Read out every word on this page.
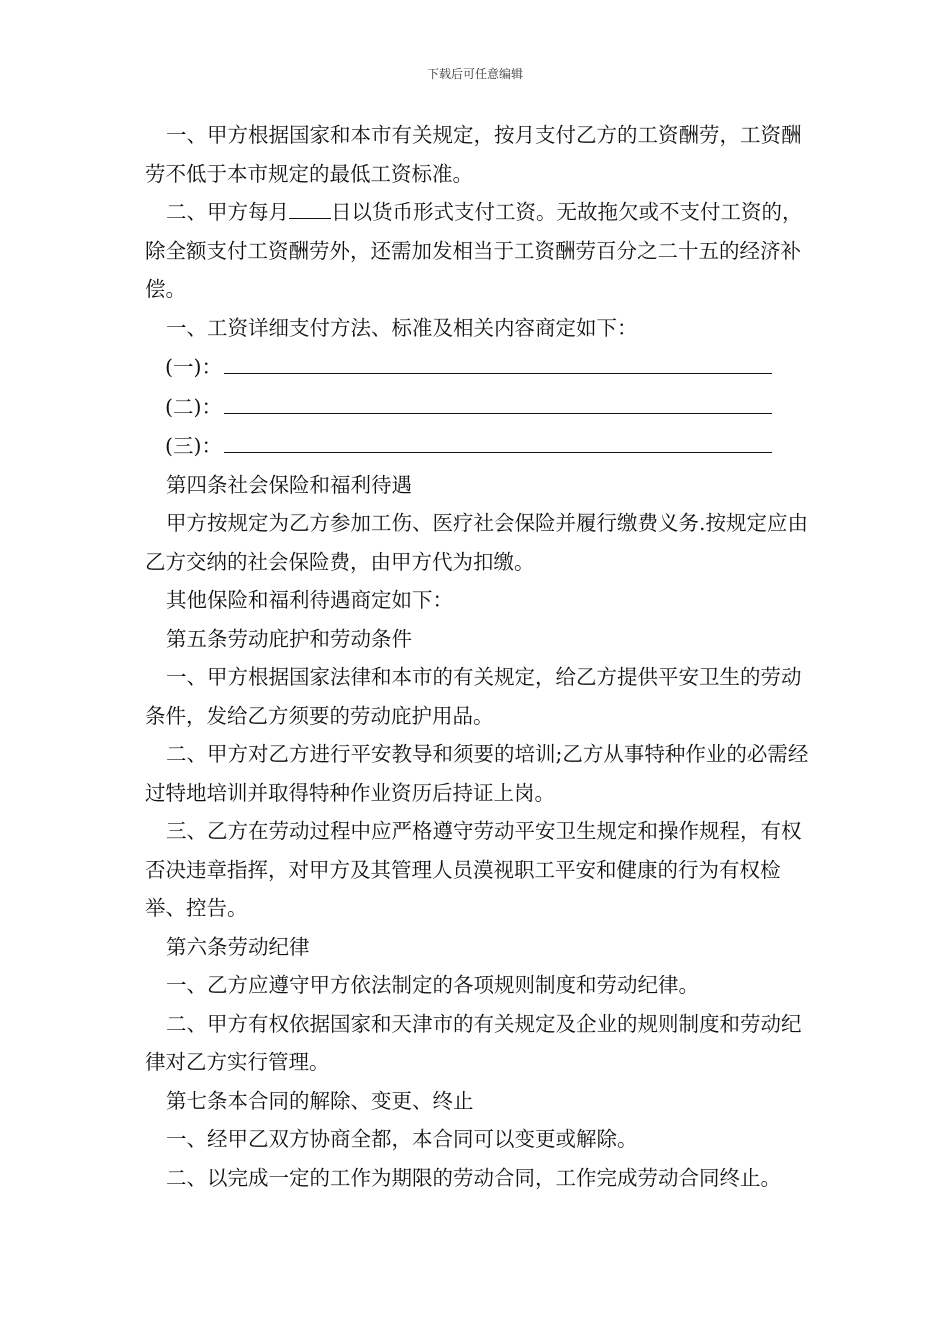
下载后可任意编辑

一、甲方根据国家和本市有关规定，按月支付乙方的工资酬劳，工资酬劳不低于本市规定的最低工资标准。

二、甲方每月 日以货币形式支付工资。无故拖欠或不支付工资的，除全额支付工资酬劳外，还需加发相当于工资酬劳百分之二十五的经济补偿。

一、工资详细支付方法、标准及相关内容商定如下：

(一)：

(二)：

(三)：

第四条社会保险和福利待遇

甲方按规定为乙方参加工伤、医疗社会保险并履行缴费义务.按规定应由乙方交纳的社会保险费，由甲方代为扣缴。

其他保险和福利待遇商定如下：

第五条劳动庇护和劳动条件

一、甲方根据国家法律和本市的有关规定，给乙方提供平安卫生的劳动条件，发给乙方须要的劳动庇护用品。

二、甲方对乙方进行平安教导和须要的培训;乙方从事特种作业的必需经过特地培训并取得特种作业资历后持证上岗。

三、乙方在劳动过程中应严格遵守劳动平安卫生规定和操作规程，有权否决违章指挥，对甲方及其管理人员漠视职工平安和健康的行为有权检举、控告。

第六条劳动纪律

一、乙方应遵守甲方依法制定的各项规则制度和劳动纪律。

二、甲方有权依据国家和天津市的有关规定及企业的规则制度和劳动纪律对乙方实行管理。

第七条本合同的解除、变更、终止

一、经甲乙双方协商全都，本合同可以变更或解除。

二、以完成一定的工作为期限的劳动合同，工作完成劳动合同终止。
